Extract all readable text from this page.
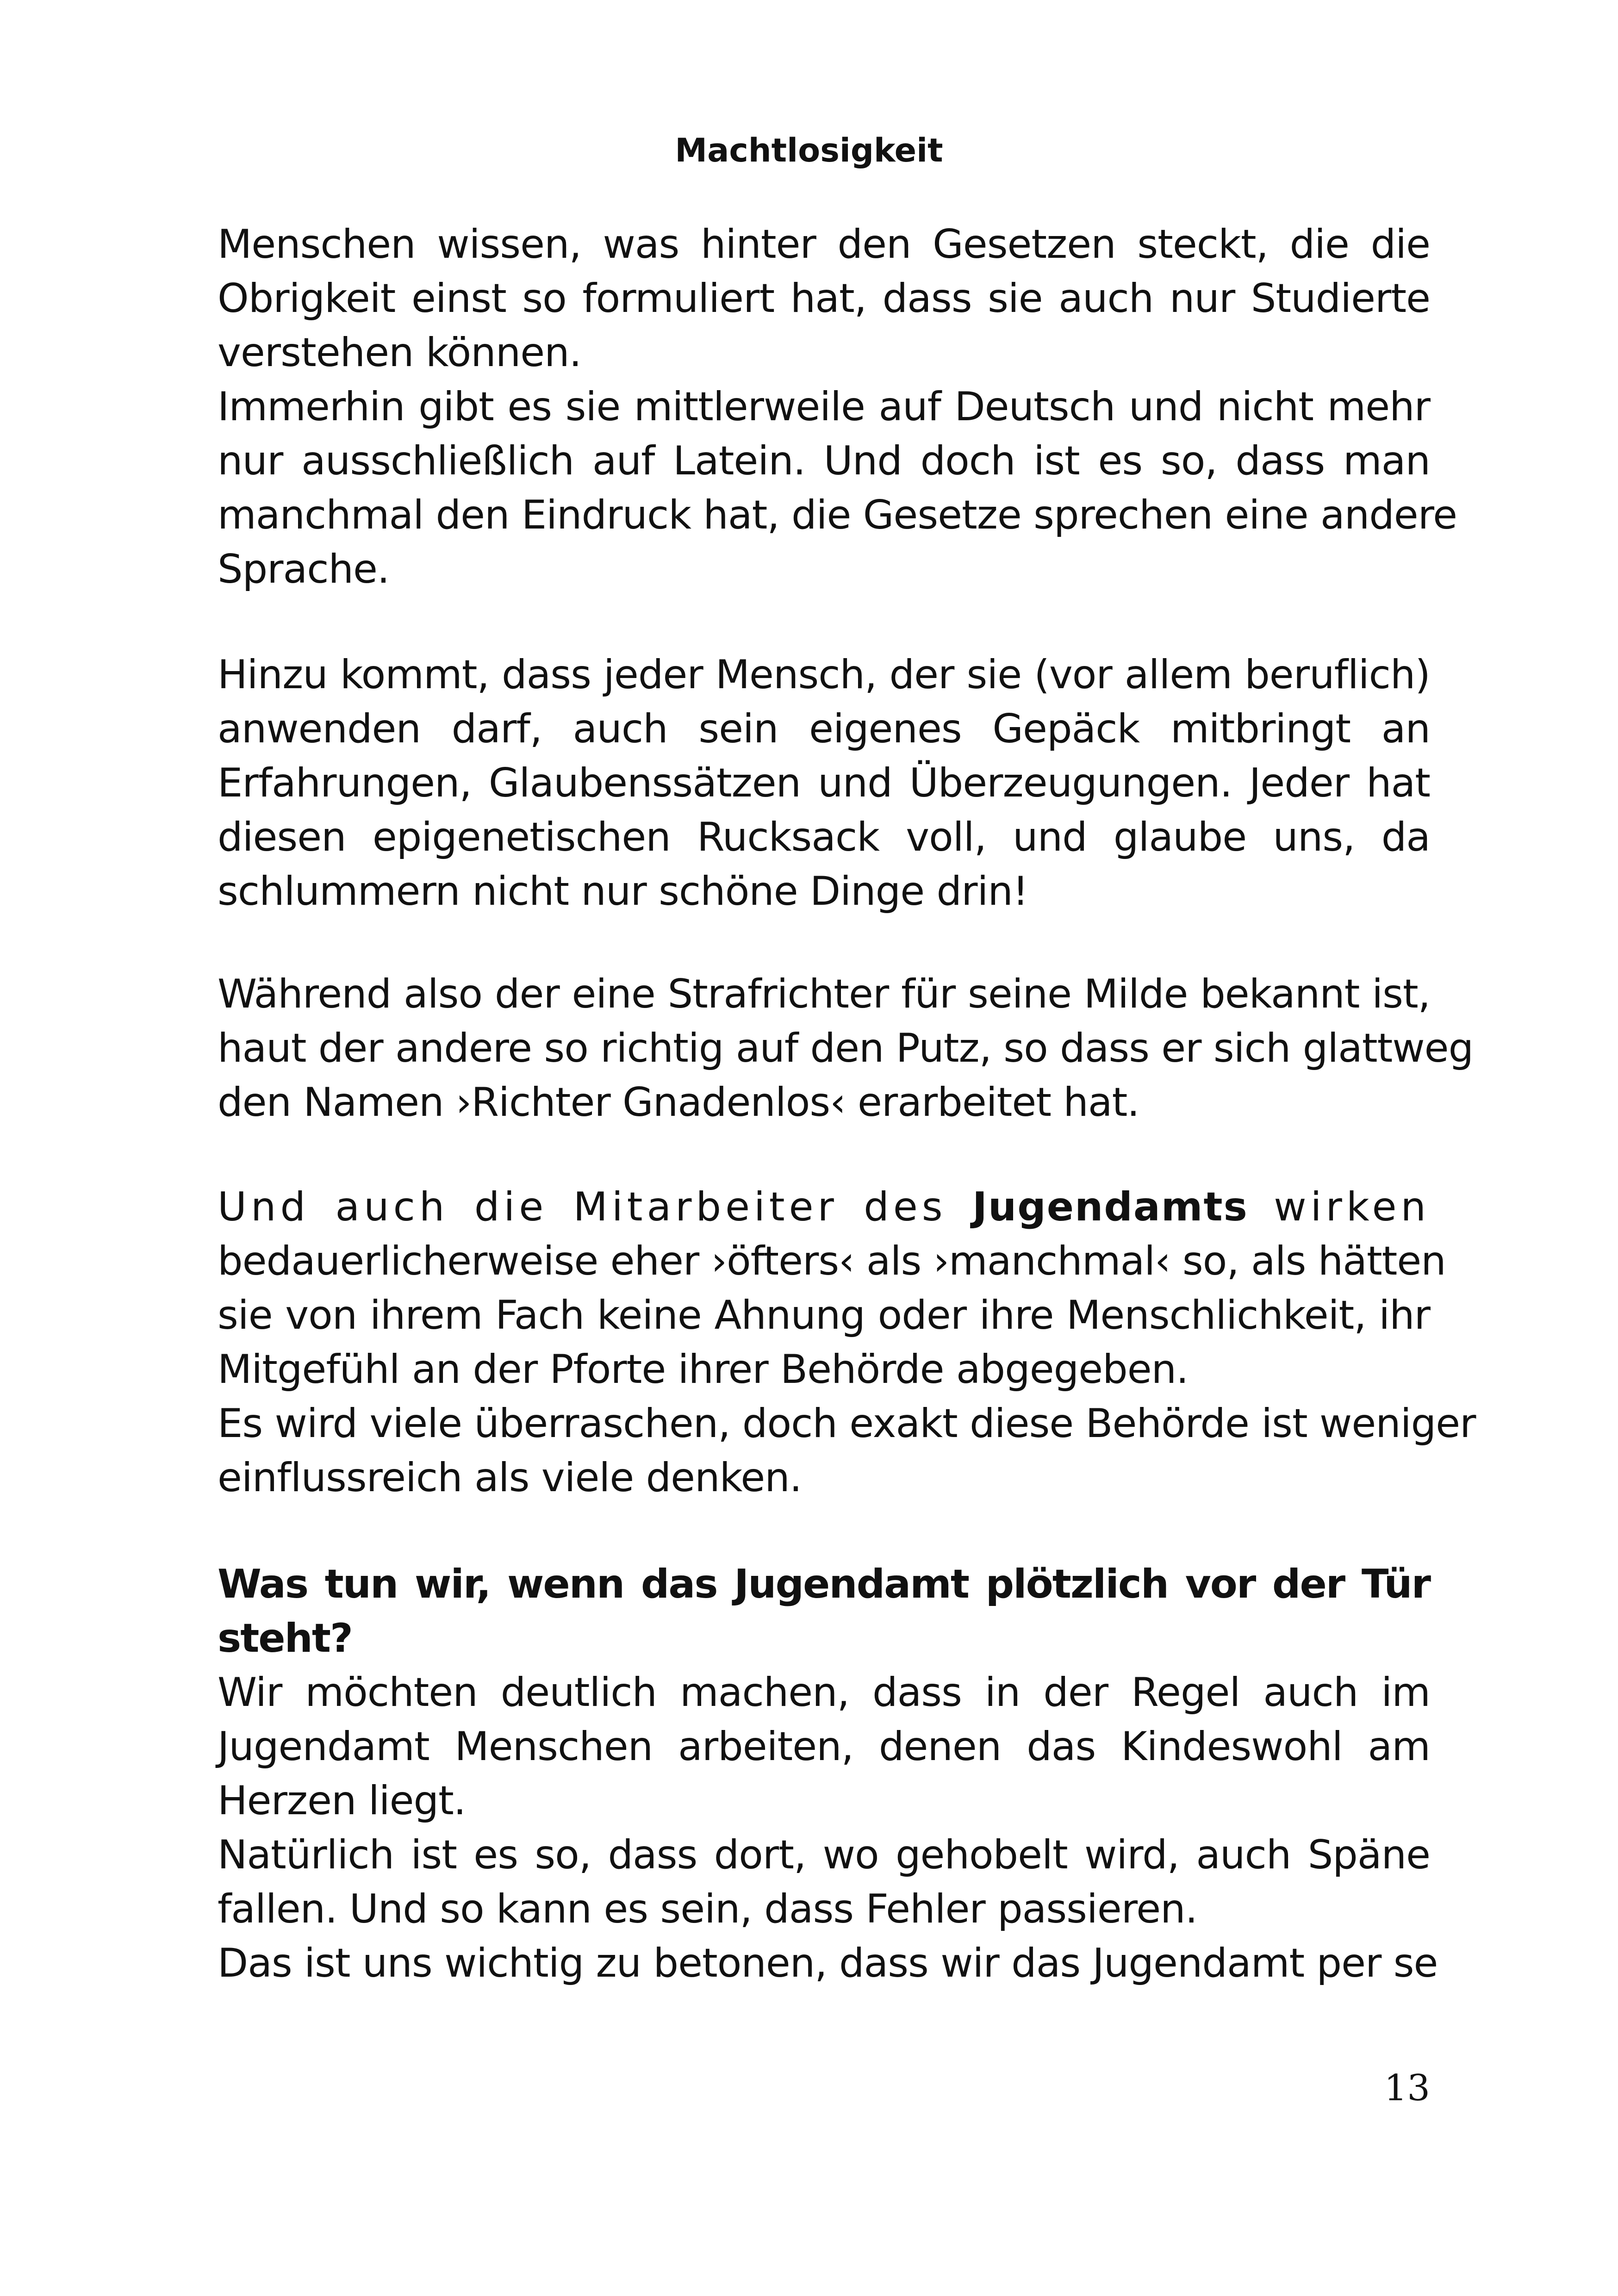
Machtlosigkeit
Menschen wissen, was hinter den Gesetzen steckt, die die
Obrigkeit einst so formuliert hat, dass sie auch nur Studierte
verstehen können.
Immerhin gibt es sie mittlerweile auf Deutsch und nicht mehr
nur ausschließlich auf Latein. Und doch ist es so, dass man
manchmal den Eindruck hat, die Gesetze sprechen eine andere
Sprache.
Hinzu kommt, dass jeder Mensch, der sie (vor allem beruflich)
anwenden darf, auch sein eigenes Gepäck mitbringt an
Erfahrungen, Glaubenssätzen und Überzeugungen. Jeder hat
diesen epigenetischen Rucksack voll, und glaube uns, da
schlummern nicht nur schöne Dinge drin!
Während also der eine Strafrichter für seine Milde bekannt ist,
haut der andere so richtig auf den Putz, so dass er sich glattweg
den Namen ›Richter Gnadenlos‹ erarbeitet hat.
Und auch die Mitarbeiter des Jugendamts wirken
bedauerlicherweise eher ›öfters‹ als ›manchmal‹ so, als hätten
sie von ihrem Fach keine Ahnung oder ihre Menschlichkeit, ihr
Mitgefühl an der Pforte ihrer Behörde abgegeben.
Es wird viele überraschen, doch exakt diese Behörde ist weniger
einflussreich als viele denken.
Was tun wir, wenn das Jugendamt plötzlich vor der Tür
steht?
Wir möchten deutlich machen, dass in der Regel auch im
Jugendamt Menschen arbeiten, denen das Kindeswohl am
Herzen liegt.
Natürlich ist es so, dass dort, wo gehobelt wird, auch Späne
fallen. Und so kann es sein, dass Fehler passieren.
Das ist uns wichtig zu betonen, dass wir das Jugendamt per se
13
